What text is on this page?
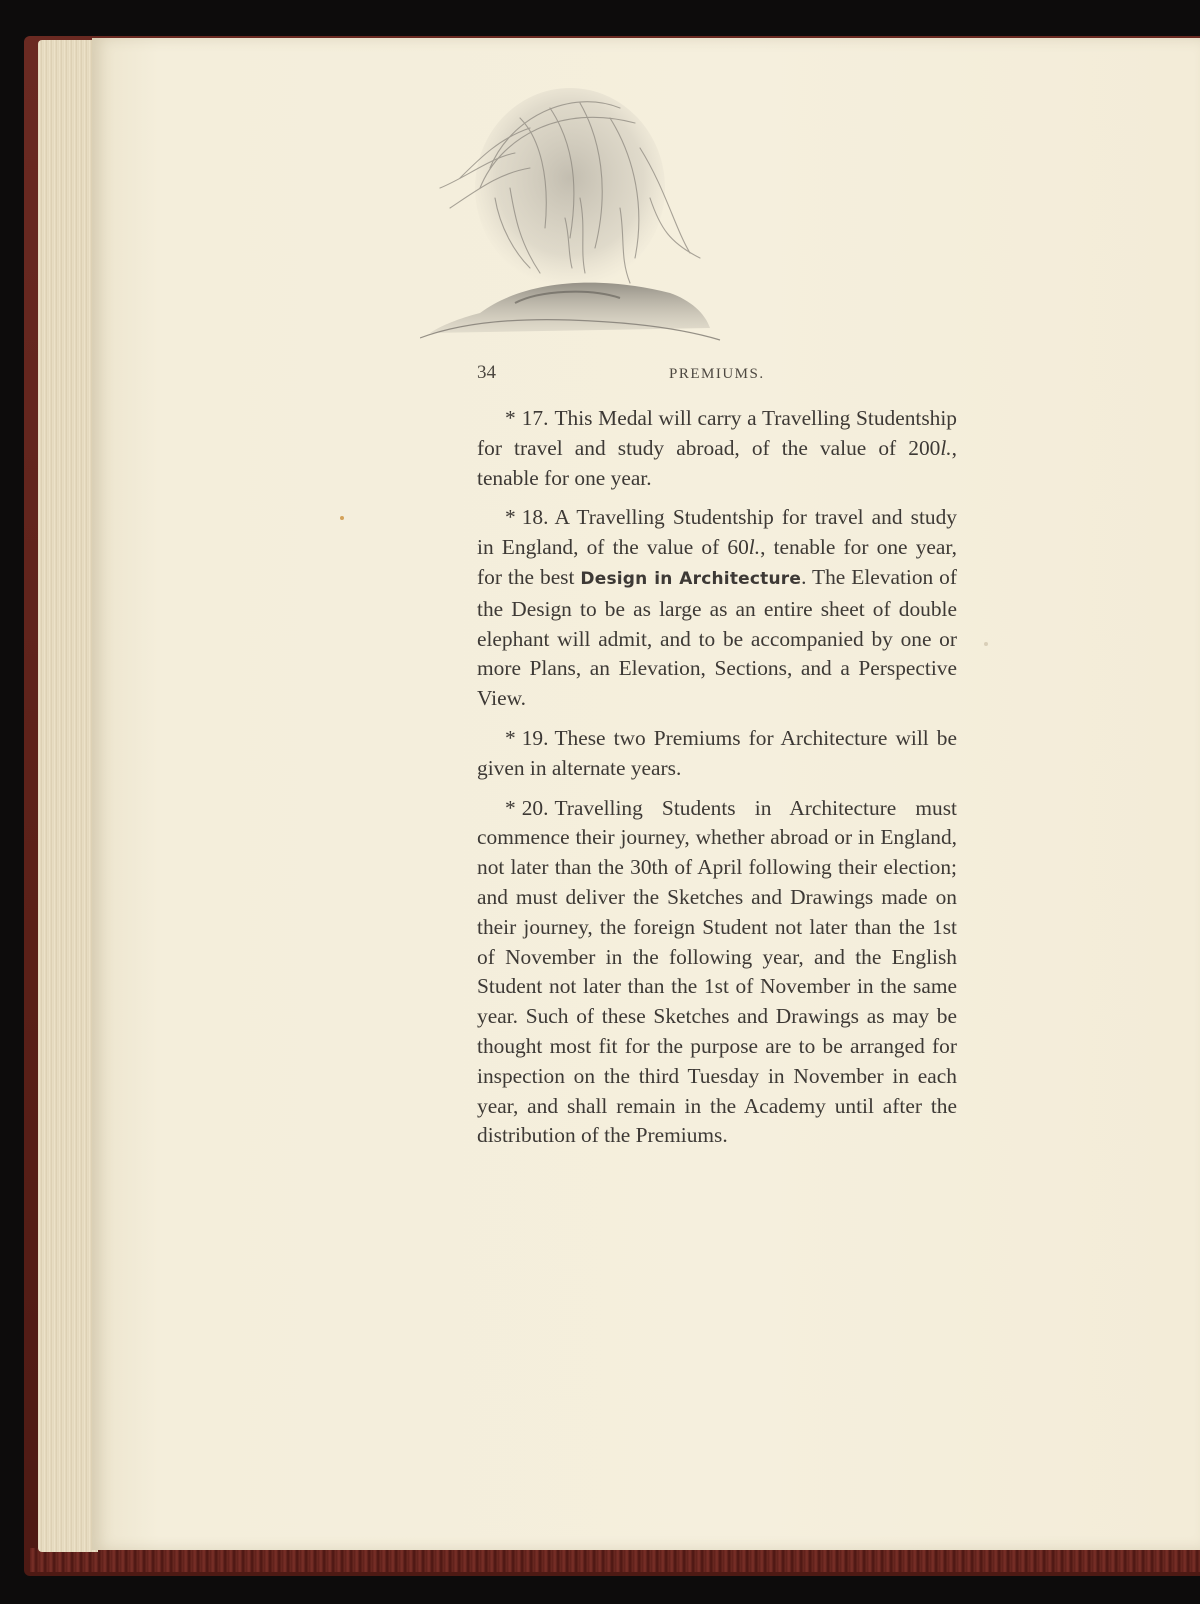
34	PREMIUMS.

* 17. This Medal will carry a Travelling Studentship for travel and study abroad, of the value of 200l., tenable for one year.

* 18. A Travelling Studentship for travel and study in England, of the value of 60l., tenable for one year, for the best Design in Architecture. The Elevation of the Design to be as large as an entire sheet of double elephant will admit, and to be accompanied by one or more Plans, an Elevation, Sections, and a Perspective View.

* 19. These two Premiums for Architecture will be given in alternate years.

* 20. Travelling Students in Architecture must commence their journey, whether abroad or in England, not later than the 30th of April following their election; and must deliver the Sketches and Drawings made on their journey, the foreign Student not later than the 1st of November in the following year, and the English Student not later than the 1st of November in the same year. Such of these Sketches and Drawings as may be thought most fit for the purpose are to be arranged for inspection on the third Tuesday in November in each year, and shall remain in the Academy until after the distribution of the Premiums.
